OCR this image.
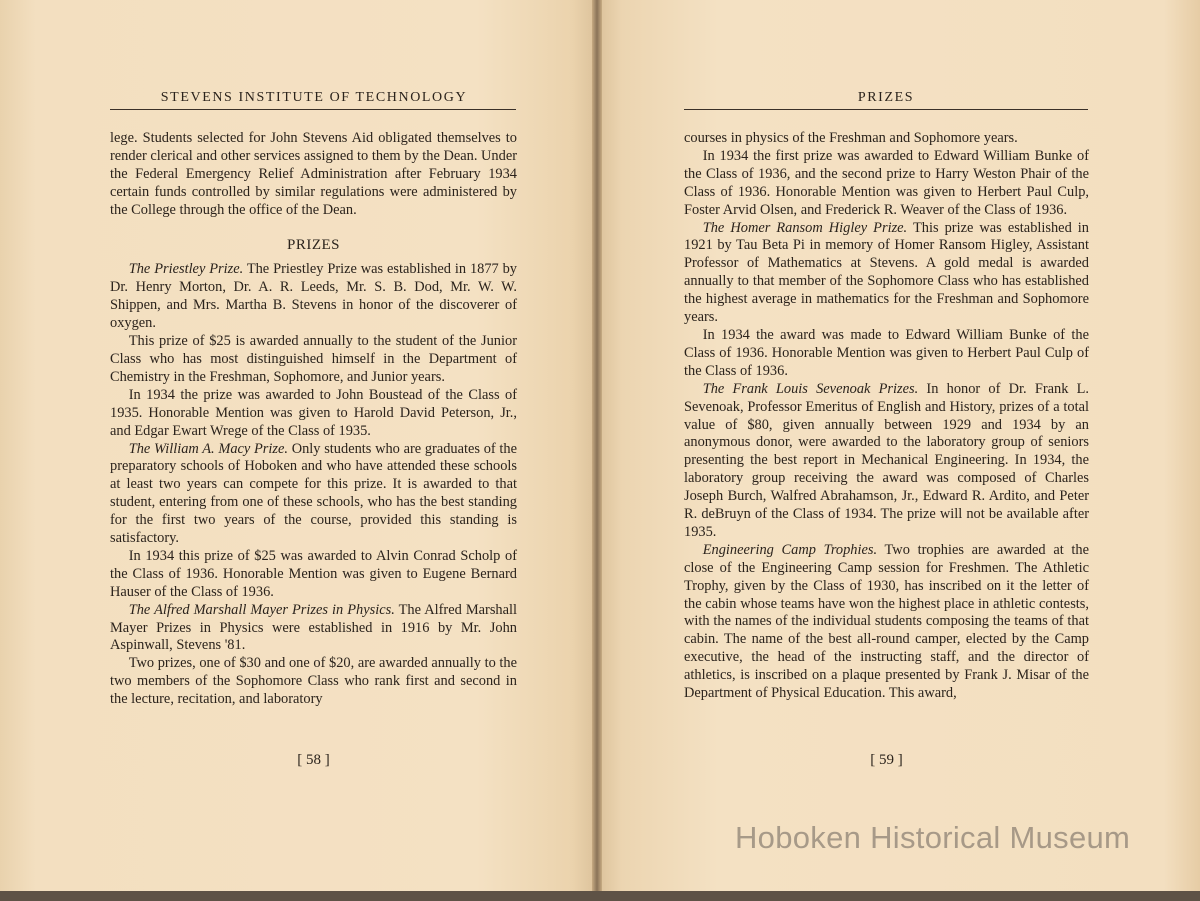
STEVENS INSTITUTE OF TECHNOLOGY

lege. Students selected for John Stevens Aid obligated themselves to render clerical and other services assigned to them by the Dean. Under the Federal Emergency Relief Administration after February 1934 certain funds controlled by similar regulations were administered by the College through the office of the Dean.

PRIZES

The Priestley Prize. The Priestley Prize was established in 1877 by Dr. Henry Morton, Dr. A. R. Leeds, Mr. S. B. Dod, Mr. W. W. Shippen, and Mrs. Martha B. Stevens in honor of the discoverer of oxygen.

This prize of $25 is awarded annually to the student of the Junior Class who has most distinguished himself in the Department of Chemistry in the Freshman, Sophomore, and Junior years.

In 1934 the prize was awarded to John Boustead of the Class of 1935. Honorable Mention was given to Harold David Peterson, Jr., and Edgar Ewart Wrege of the Class of 1935.

The William A. Macy Prize. Only students who are graduates of the preparatory schools of Hoboken and who have attended these schools at least two years can compete for this prize. It is awarded to that student, entering from one of these schools, who has the best standing for the first two years of the course, provided this standing is satisfactory.

In 1934 this prize of $25 was awarded to Alvin Conrad Scholp of the Class of 1936. Honorable Mention was given to Eugene Bernard Hauser of the Class of 1936.

The Alfred Marshall Mayer Prizes in Physics. The Alfred Marshall Mayer Prizes in Physics were established in 1916 by Mr. John Aspinwall, Stevens '81.

Two prizes, one of $30 and one of $20, are awarded annually to the two members of the Sophomore Class who rank first and second in the lecture, recitation, and laboratory

[ 58 ]
PRIZES

courses in physics of the Freshman and Sophomore years.

In 1934 the first prize was awarded to Edward William Bunke of the Class of 1936, and the second prize to Harry Weston Phair of the Class of 1936. Honorable Mention was given to Herbert Paul Culp, Foster Arvid Olsen, and Frederick R. Weaver of the Class of 1936.

The Homer Ransom Higley Prize. This prize was established in 1921 by Tau Beta Pi in memory of Homer Ransom Higley, Assistant Professor of Mathematics at Stevens. A gold medal is awarded annually to that member of the Sophomore Class who has established the highest average in mathematics for the Freshman and Sophomore years.

In 1934 the award was made to Edward William Bunke of the Class of 1936. Honorable Mention was given to Herbert Paul Culp of the Class of 1936.

The Frank Louis Sevenoak Prizes. In honor of Dr. Frank L. Sevenoak, Professor Emeritus of English and History, prizes of a total value of $80, given annually between 1929 and 1934 by an anonymous donor, were awarded to the laboratory group of seniors presenting the best report in Mechanical Engineering. In 1934, the laboratory group receiving the award was composed of Charles Joseph Burch, Walfred Abrahamson, Jr., Edward R. Ardito, and Peter R. deBruyn of the Class of 1934. The prize will not be available after 1935.

Engineering Camp Trophies. Two trophies are awarded at the close of the Engineering Camp session for Freshmen. The Athletic Trophy, given by the Class of 1930, has inscribed on it the letter of the cabin whose teams have won the highest place in athletic contests, with the names of the individual students composing the teams of that cabin. The name of the best all-round camper, elected by the Camp executive, the head of the instructing staff, and the director of athletics, is inscribed on a plaque presented by Frank J. Misar of the Department of Physical Education. This award,

[ 59 ]
Hoboken Historical Museum
